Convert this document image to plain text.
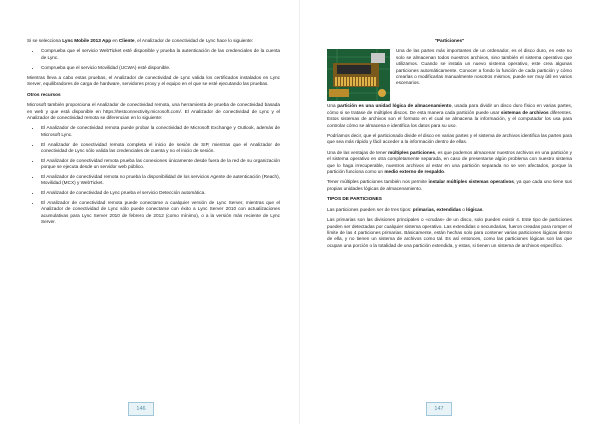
Si se selecciona Lync Mobile 2013 App en Cliente, el Analizador de conectividad de Lync hace lo siguiente:

• Comprueba que el servicio WebTicket esté disponible y prueba la autenticación de las credenciales de la cuenta de Lync.
• Comprueba que el servicio Movilidad (UCWA) esté disponible.

Mientras lleva a cabo estas pruebas, el Analizador de conectividad de Lync valida los certificados instalados en Lync Server, equilibradores de carga de hardware, servidores proxy y el equipo en el que se esté ejecutando las pruebas.

Otros recursos

Microsoft también proporciona el Analizador de conectividad remota, una herramienta de prueba de conectividad basada en web y que está disponible en https://testconnectivity.microsoft.com/. El Analizador de conectividad de Lync y el Analizador de conectividad remota se diferencian en lo siguiente:

• El Analizador de conectividad remota puede probar la conectividad de Microsoft Exchange y Outlook, además de Microsoft Lync.
• El Analizador de conectividad remota completa el inicio de sesión de SIP, mientras que el Analizador de conectividad de Lync sólo valida las credenciales de cuenta y no el inicio de sesión.
• El Analizador de conectividad remota prueba las conexiones únicamente desde fuera de la red de su organización porque se ejecuta desde un servidor web público.
• El Analizador de conectividad remota no prueba la disponibilidad de los servicios Agente de autenticación (Reach), Movilidad (MCX) y WebTicket.
• El Analizador de conectividad de Lync prueba el servicio Detección automática.
• El Analizador de conectividad remota puede conectarse a cualquier versión de Lync Server, mientras que el Analizador de conectividad de Lync sólo puede conectarse con éxito a Lync Server 2010 con actualizaciones acumulativas para Lync Server 2010 de febrero de 2012 (como mínimo), o a la versión más reciente de Lync Server.
146
"Particiones"

Una de las partes más importantes de un ordenador, es el disco duro, en este no solo se almacenan todos nuestros archivos, sino también el sistema operativo que utilizamos. Cuando se instala un nuevo sistema operativo, este crea algunas particiones automáticamente. Conocer a fondo la función de cada partición y cómo crearlas o modificarlas manualmente nosotros mismos, puede ser muy útil en varios escenarios.

Una partición es una unidad lógica de almacenamiento, usada para dividir un disco duro físico en varias partes, cómo si se tratase de múltiples discos. De esta manera cada partición puede usar sistemas de archivos diferentes. Estos sistemas de archivos son el formato en el cual se almacena la información, y el computador los usa para controlar cómo se almacena e identifica los datos para su uso.

Podríamos decir, que el particionado divide el disco en varias partes y el sistema de archivos identifica las partes para que sea más rápido y fácil acceder a la información dentro de ellas.

Una de las ventajas de tener múltiples particiones, es que podemos almacenar nuestros archivos en una partición y el sistema operativo en otra completamente separada, en caso de presentarse algún problema con nuestro sistema que lo haga irrecuperable, nuestros archivos al estar en una partición separada no se ven afectados, porque la partición funciona como un medio externo de respaldo.

Tener múltiples particiones también nos permite instalar múltiples sistemas operativos, ya que cada uno tiene sus propias unidades lógicas de almacenamiento.

TIPOS DE PARTICIONES

Las particiones pueden ser de tres tipos: primarias, extendidas o lógicas.

Las primarias son las divisiones principales o «crudas» de un disco, solo pueden existir 4. Este tipo de particiones pueden ser detectadas por cualquier sistema operativo. Las extendidas o secundarias, fueron creadas para romper el límite de las 4 particiones primarias. Básicamente, están hechas solo para contener varias particiones lógicas dentro de ella, y no tienen un sistema de archivos como tal. Es así entonces, como las particiones lógicas son las que ocupan una porción o la totalidad de una partición extendida, y estas, si tienen un sistema de archivos específico.

147
